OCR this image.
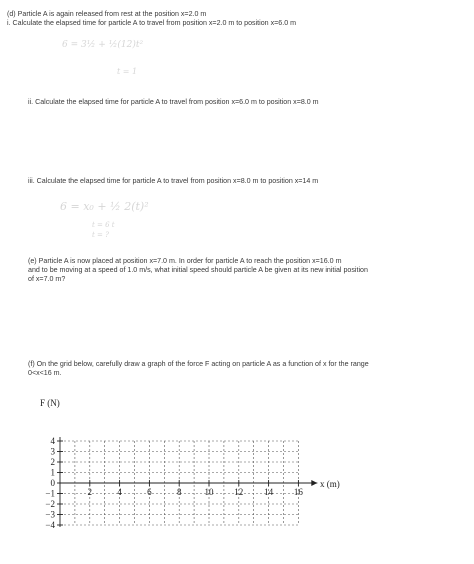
(d) Particle A is again released from rest at the position x=2.0 m
i. Calculate the elapsed time for particle A to travel from position x=2.0 m to position x=6.0 m
6 = 3½ + ½(12)t²
t = 1
ii. Calculate the elapsed time for particle A to travel from position x=6.0 m to position x=8.0 m
iii. Calculate the elapsed time for particle A to travel from position x=8.0 m to position x=14 m
6 = x₀ + ½ 2(t)²
t = 6 t
t = ?
(e) Particle A is now placed at position x=7.0 m. In order for particle A to reach the position x=16.0 m
and to be moving at a speed of 1.0 m/s, what initial speed should particle A be given at its new initial position
of x=7.0 m?
(f) On the grid below, carefully draw a graph of the force F acting on particle A as a function of x for the range
0<x<16 m.
4
3
2
1
0
−1
−2
−3
−4
2	4	6	8	10 12 14 16
F (N)
x (m)
